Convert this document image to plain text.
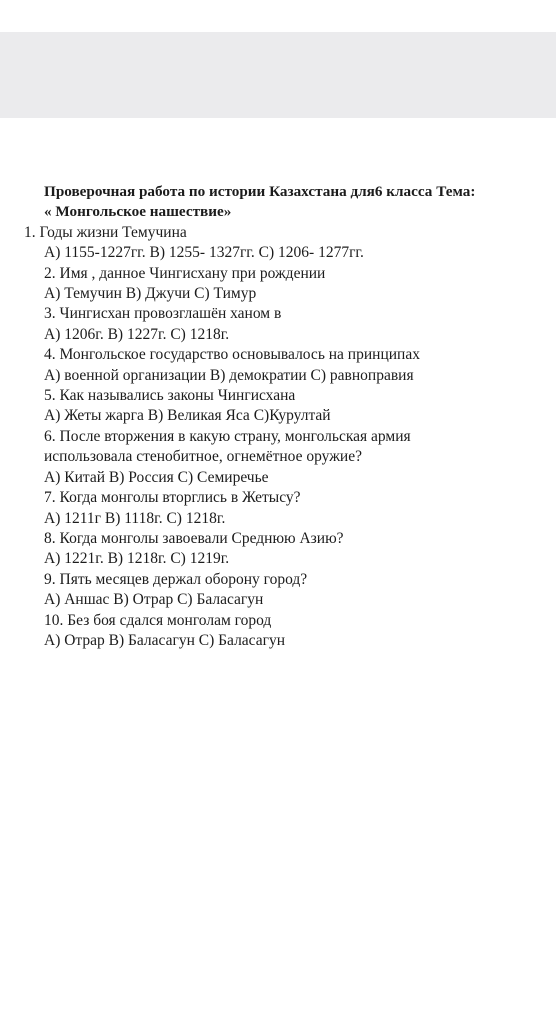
Проверочная работа по истории Казахстана для6 класса Тема:
« Монгольское нашествие»
1. Годы жизни Темучина
А) 1155-1227гг. В) 1255- 1327гг. С) 1206- 1277гг.
2. Имя , данное Чингисхану при рождении
А) Темучин В) Джучи С) Тимур
3. Чингисхан провозглашён ханом в
А) 1206г. В) 1227г. С) 1218г.
4. Монгольское государство основывалось на принципах
А) военной организации В) демократии С) равноправия
5. Как назывались законы Чингисхана
А) Жеты жарга В) Великая Яса С)Курултай
6. После вторжения в какую страну, монгольская армия
использовала стенобитное, огнемётное оружие?
А) Китай В) Россия С) Семиречье
7. Когда монголы вторглись в Жетысу?
А) 1211г В) 1118г. С) 1218г.
8. Когда монголы завоевали Среднюю Азию?
А) 1221г. В) 1218г. С) 1219г.
9. Пять месяцев держал оборону город?
А) Аншас В) Отрар С) Баласагун
10. Без боя сдался монголам город
А) Отрар В) Баласагун С) Баласагун
